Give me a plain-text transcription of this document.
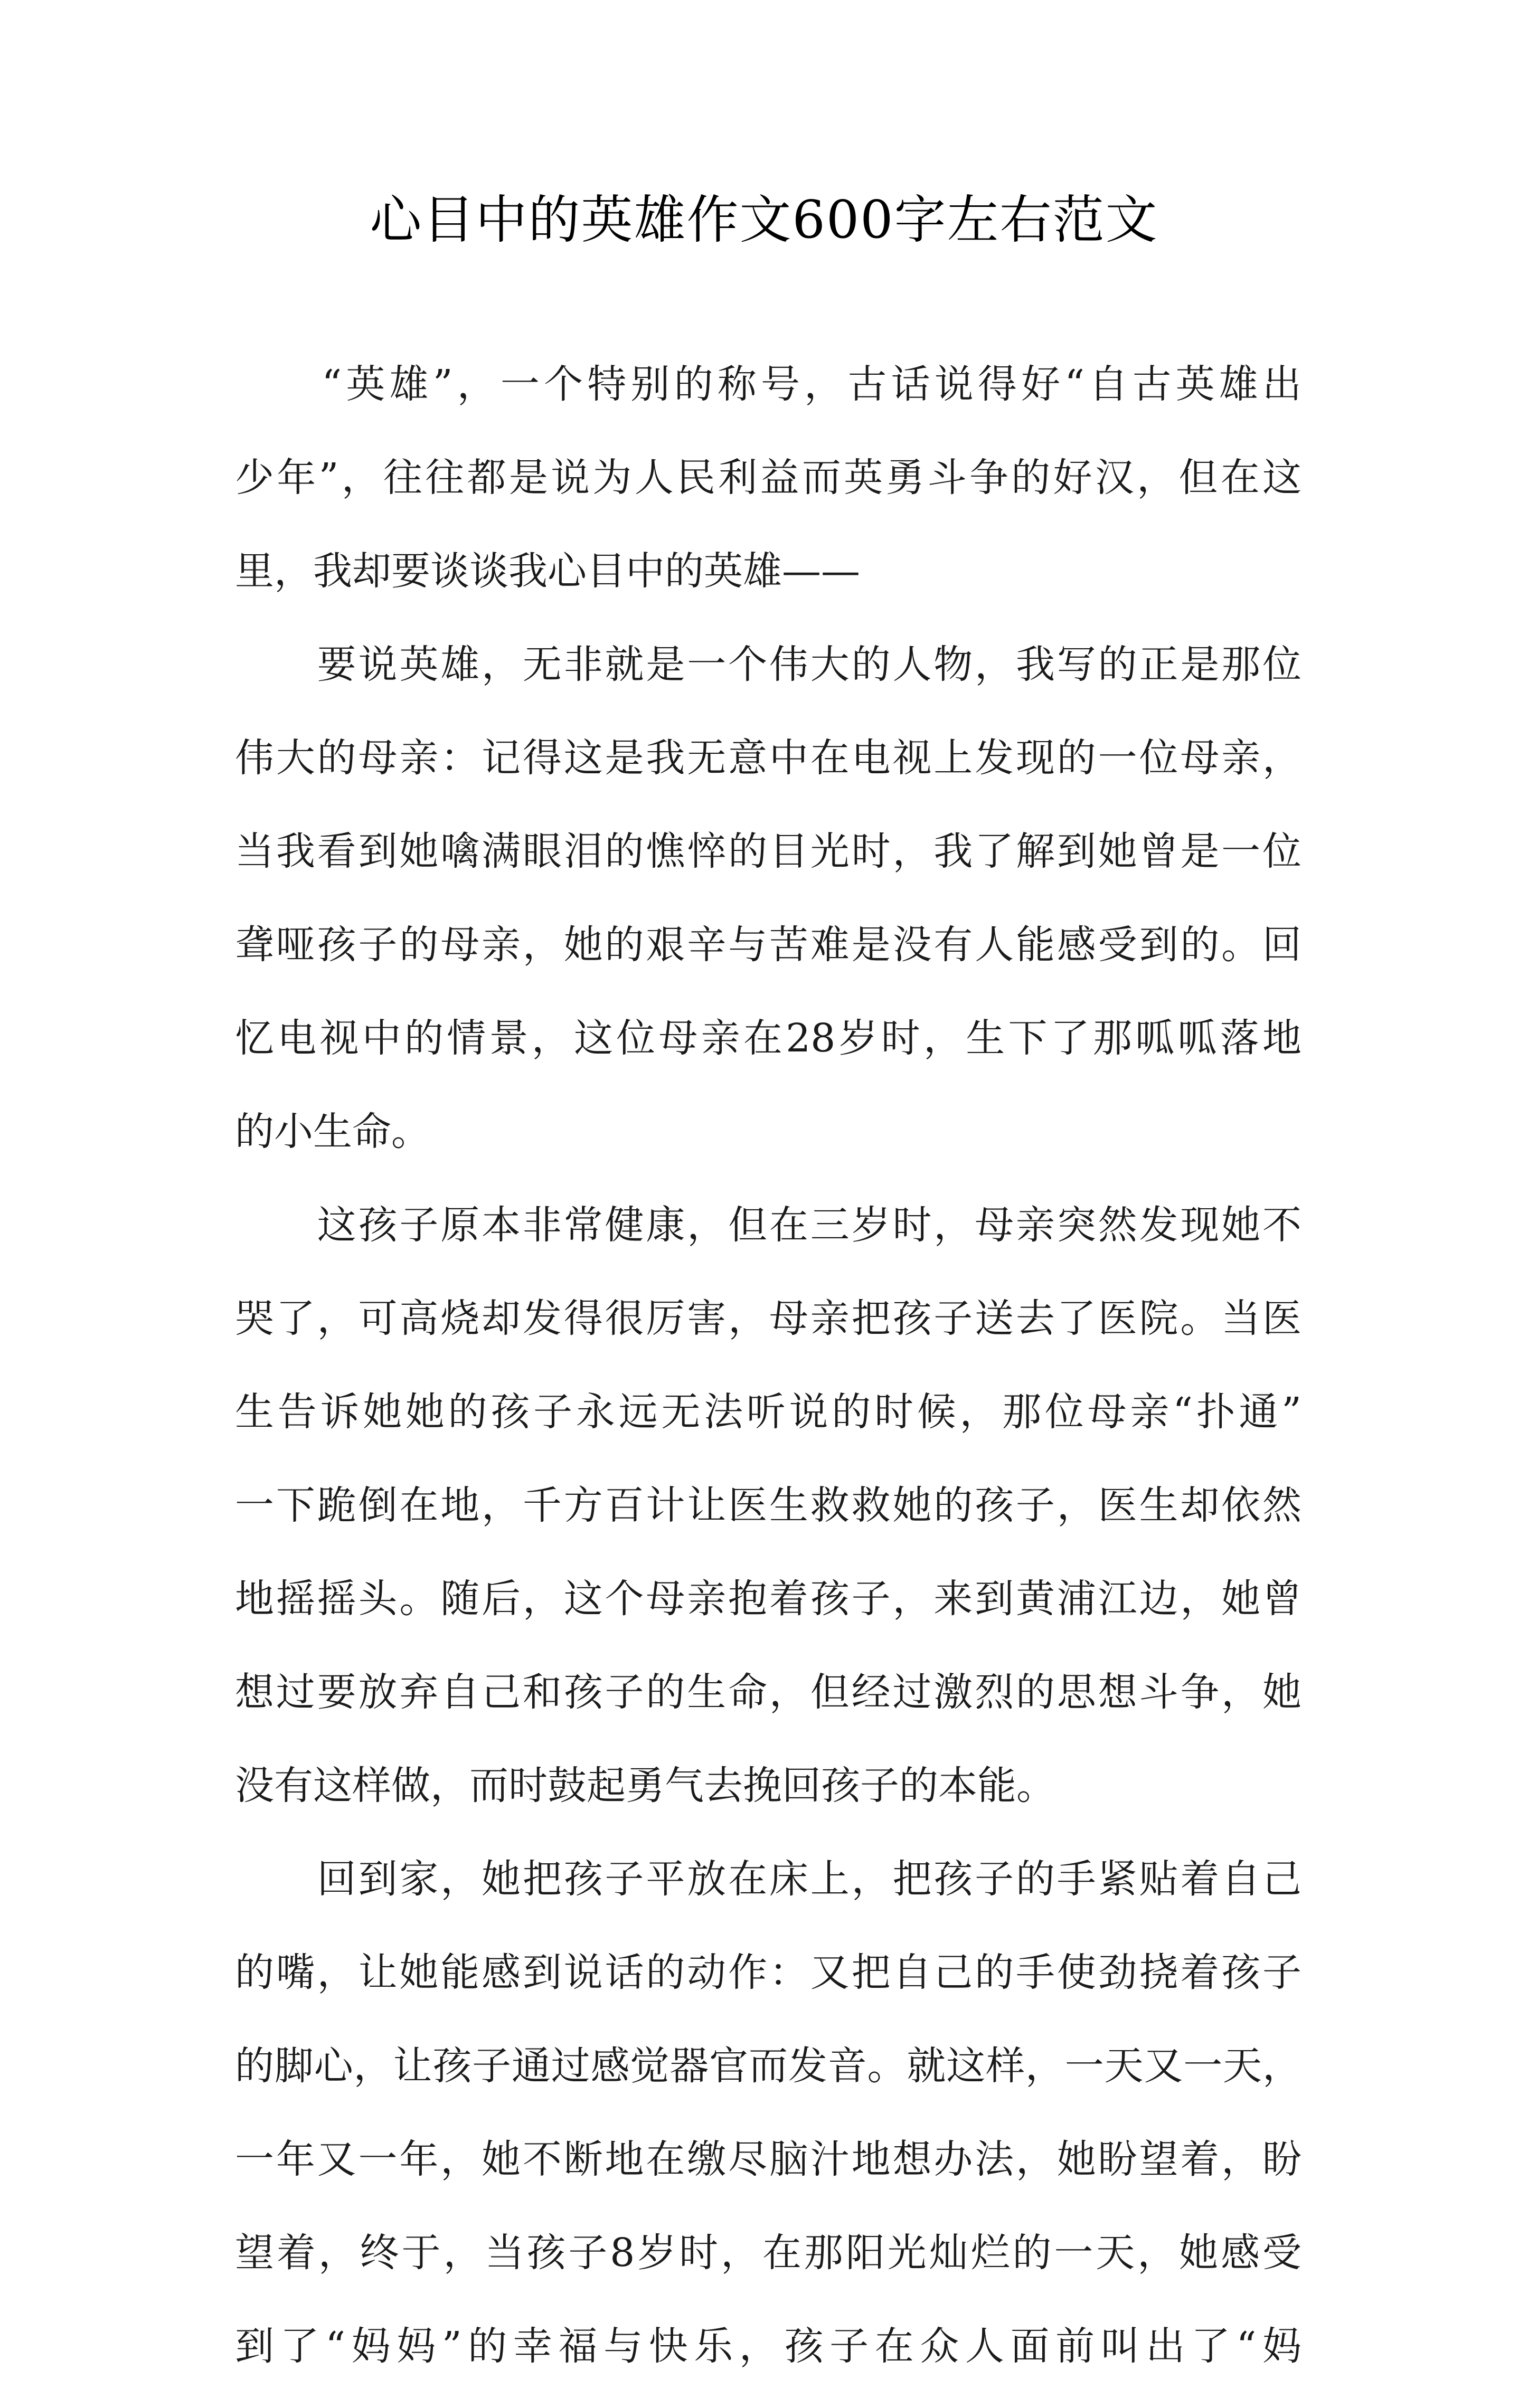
心目中的英雄作文600字左右范文
　　“英雄”，一个特别的称号，古话说得好“自古英雄出
少年”，往往都是说为人民利益而英勇斗争的好汉，但在这
里，我却要谈谈我心目中的英雄——
　　要说英雄，无非就是一个伟大的人物，我写的正是那位
伟大的母亲：记得这是我无意中在电视上发现的一位母亲，
当我看到她噙满眼泪的憔悴的目光时，我了解到她曾是一位
聋哑孩子的母亲，她的艰辛与苦难是没有人能感受到的。回
忆电视中的情景，这位母亲在28岁时，生下了那呱呱落地
的小生命。
　　这孩子原本非常健康，但在三岁时，母亲突然发现她不
哭了，可高烧却发得很厉害，母亲把孩子送去了医院。当医
生告诉她她的孩子永远无法听说的时候，那位母亲“扑通”
一下跪倒在地，千方百计让医生救救她的孩子，医生却依然
地摇摇头。随后，这个母亲抱着孩子，来到黄浦江边，她曾
想过要放弃自己和孩子的生命，但经过激烈的思想斗争，她
没有这样做，而时鼓起勇气去挽回孩子的本能。
　　回到家，她把孩子平放在床上，把孩子的手紧贴着自己
的嘴，让她能感到说话的动作：又把自己的手使劲挠着孩子
的脚心，让孩子通过感觉器官而发音。就这样，一天又一天，
一年又一年，她不断地在缴尽脑汁地想办法，她盼望着，盼
望着，终于，当孩子8岁时，在那阳光灿烂的一天，她感受
到了“妈妈”的幸福与快乐，孩子在众人面前叫出了“妈
